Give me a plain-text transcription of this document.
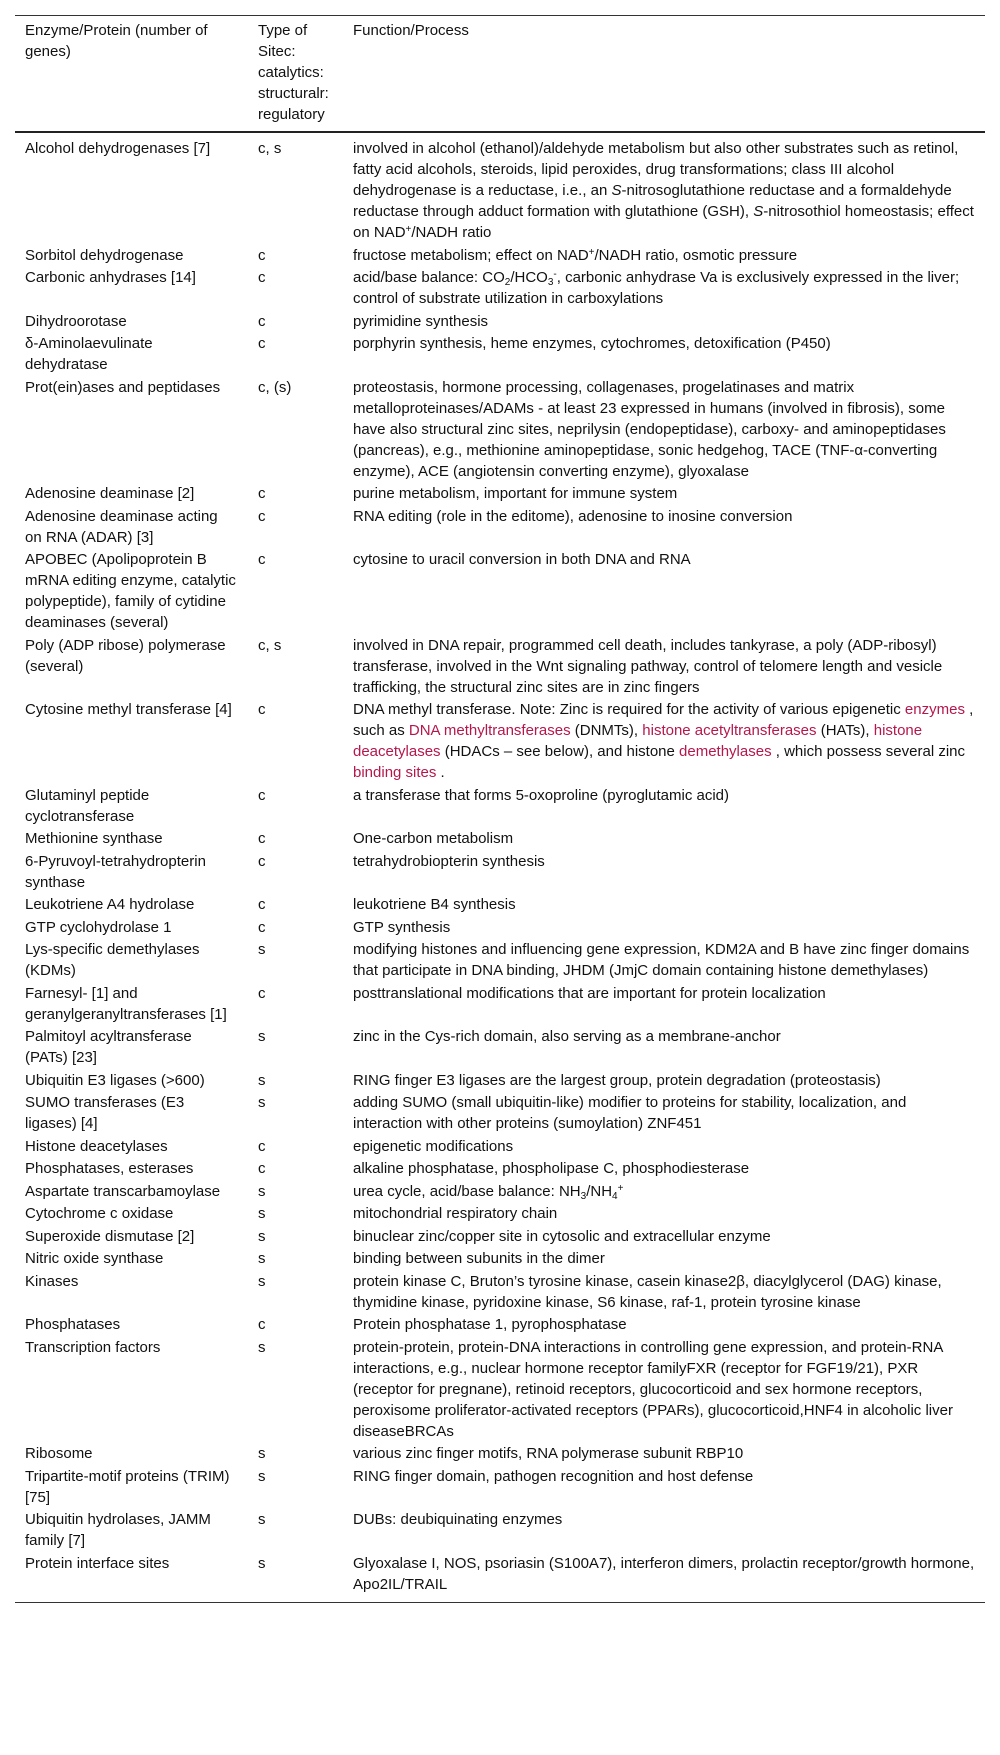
Enzyme/Protein (number of genes)	Type of Sitec: catalytics: structuralr: regulatory	Function/Process
Alcohol dehydrogenases [7]	c, s	involved in alcohol (ethanol)/aldehyde metabolism but also other substrates such as retinol, fatty acid alcohols, steroids, lipid peroxides, drug transformations; class III alcohol dehydrogenase is a reductase, i.e., an S-nitrosoglutathione reductase and a formaldehyde reductase through adduct formation with glutathione (GSH), S-nitrosothiol homeostasis; effect on NAD+/NADH ratio
Sorbitol dehydrogenase	c	fructose metabolism; effect on NAD+/NADH ratio, osmotic pressure
Carbonic anhydrases [14]	c	acid/base balance: $CO_2/HCO_3^-$, carbonic anhydrase Va is exclusively expressed in the liver; control of substrate utilization in carboxylations
Dihydroorotase	c	pyrimidine synthesis
δ-Aminolaevulinate dehydratase	c	porphyrin synthesis, heme enzymes, cytochromes, detoxification (P450)
Prot(ein)ases and peptidases	c, (s)	proteostasis, hormone processing, collagenases, progelatinases and matrix metalloproteinases/ADAMs - at least 23 expressed in humans (involved in fibrosis), some have also structural zinc sites, neprilysin (endopeptidase), carboxy- and aminopeptidases (pancreas), e.g., methionine aminopeptidase, sonic hedgehog, TACE (TNF-α-converting enzyme), ACE (angiotensin converting enzyme), glyoxalase
Adenosine deaminase [2]	c	purine metabolism, important for immune system
Adenosine deaminase acting on RNA (ADAR) [3]	c	RNA editing (role in the editome), adenosine to inosine conversion
APOBEC (Apolipoprotein B mRNA editing enzyme, catalytic polypeptide), family of cytidine deaminases (several)	c	cytosine to uracil conversion in both DNA and RNA
Poly (ADP ribose) polymerase (several)	c, s	involved in DNA repair, programmed cell death, includes tankyrase, a poly (ADP-ribosyl) transferase, involved in the Wnt signaling pathway, control of telomere length and vesicle trafficking, the structural zinc sites are in zinc fingers
Cytosine methyl transferase [4]	c	DNA methyl transferase. Note: Zinc is required for the activity of various epigenetic enzymes , such as DNA methyltransferases (DNMTs), histone acetyltransferases (HATs), histone deacetylases (HDACs – see below), and histone demethylases , which possess several zinc binding sites .
Glutaminyl peptide cyclotransferase	c	a transferase that forms 5-oxoproline (pyroglutamic acid)
Methionine synthase	c	One-carbon metabolism
6-Pyruvoyl-tetrahydropterin synthase	c	tetrahydrobiopterin synthesis
Leukotriene A4 hydrolase	c	leukotriene B4 synthesis
GTP cyclohydrolase 1	c	GTP synthesis
Lys-specific demethylases (KDMs)	s	modifying histones and influencing gene expression, KDM2A and B have zinc finger domains that participate in DNA binding, JHDM (JmjC domain containing histone demethylases)
Farnesyl- [1] and geranylgeranyltransferases [1]	c	posttranslational modifications that are important for protein localization
Palmitoyl acyltransferase (PATs) [23]	s	zinc in the Cys-rich domain, also serving as a membrane-anchor
Ubiquitin E3 ligases (>600)	s	RING finger E3 ligases are the largest group, protein degradation (proteostasis)
SUMO transferases (E3 ligases) [4]	s	adding SUMO (small ubiquitin-like) modifier to proteins for stability, localization, and interaction with other proteins (sumoylation) ZNF451
Histone deacetylases	c	epigenetic modifications
Phosphatases, esterases	c	alkaline phosphatase, phospholipase C, phosphodiesterase
Aspartate transcarbamoylase	s	urea cycle, acid/base balance: $NH_3/NH_4^+$
Cytochrome c oxidase	s	mitochondrial respiratory chain
Superoxide dismutase [2]	s	binuclear zinc/copper site in cytosolic and extracellular enzyme
Nitric oxide synthase	s	binding between subunits in the dimer
Kinases	s	protein kinase C, Bruton’s tyrosine kinase, casein kinase2β, diacylglycerol (DAG) kinase, thymidine kinase, pyridoxine kinase, S6 kinase, raf-1, protein tyrosine kinase
Phosphatases	c	Protein phosphatase 1, pyrophosphatase
Transcription factors	s	protein-protein, protein-DNA interactions in controlling gene expression, and protein-RNA interactions, e.g., nuclear hormone receptor familyFXR (receptor for FGF19/21), PXR (receptor for pregnane), retinoid receptors, glucocorticoid and sex hormone receptors, peroxisome proliferator-activated receptors (PPARs), glucocorticoid,HNF4 in alcoholic liver diseaseBRCAs
Ribosome	s	various zinc finger motifs, RNA polymerase subunit RBP10
Tripartite-motif proteins (TRIM) [75]	s	RING finger domain, pathogen recognition and host defense
Ubiquitin hydrolases, JAMM family [7]	s	DUBs: deubiquinating enzymes
Protein interface sites	s	Glyoxalase I, NOS, psoriasin (S100A7), interferon dimers, prolactin receptor/growth hormone, Apo2IL/TRAIL
